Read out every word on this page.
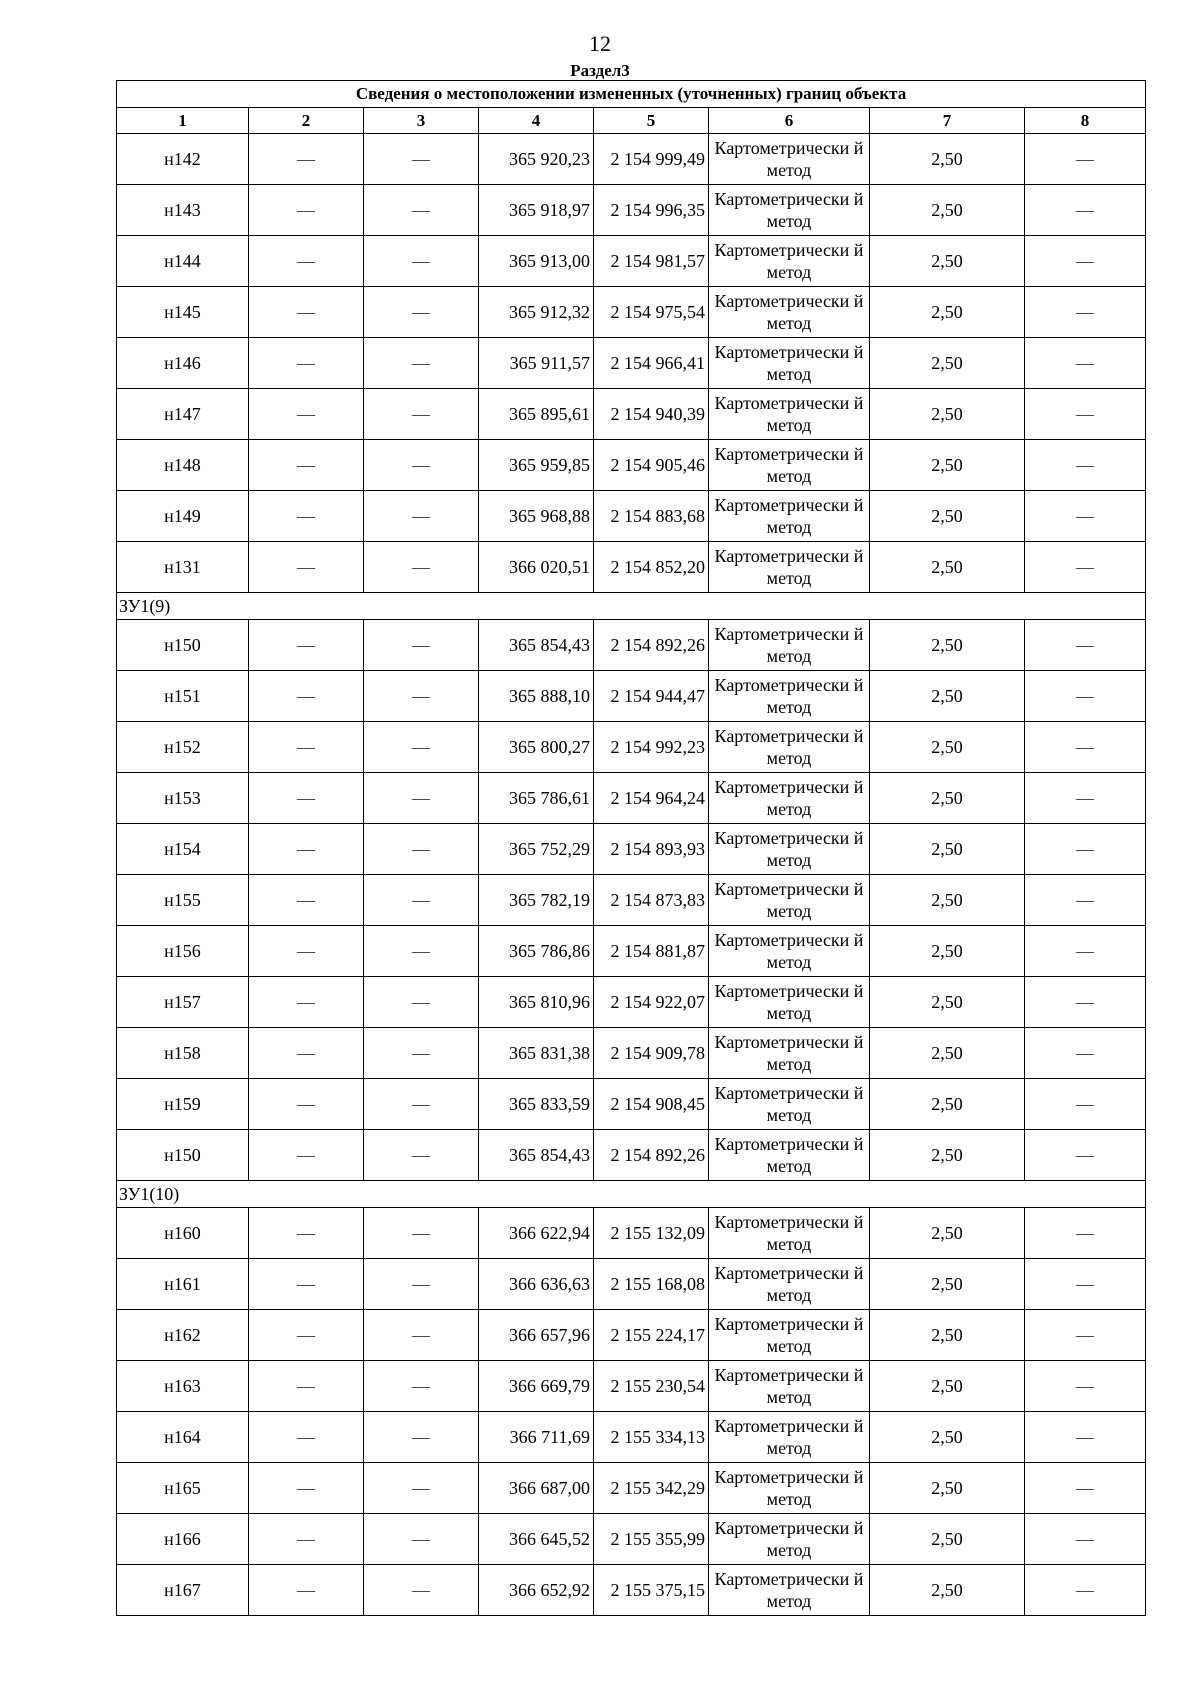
12
Раздел3
Сведения о местоположении измененных (уточненных) границ объекта							
1	2	3	4	5	6	7	8
н142	—	—	365 920,23	2 154 999,49	Картометрически й метод	2,50	—
н143	—	—	365 918,97	2 154 996,35	Картометрически й метод	2,50	—
н144	—	—	365 913,00	2 154 981,57	Картометрически й метод	2,50	—
н145	—	—	365 912,32	2 154 975,54	Картометрически й метод	2,50	—
н146	—	—	365 911,57	2 154 966,41	Картометрически й метод	2,50	—
н147	—	—	365 895,61	2 154 940,39	Картометрически й метод	2,50	—
н148	—	—	365 959,85	2 154 905,46	Картометрически й метод	2,50	—
н149	—	—	365 968,88	2 154 883,68	Картометрически й метод	2,50	—
н131	—	—	366 020,51	2 154 852,20	Картометрически й метод	2,50	—
ЗУ1(9)							
н150	—	—	365 854,43	2 154 892,26	Картометрически й метод	2,50	—
н151	—	—	365 888,10	2 154 944,47	Картометрически й метод	2,50	—
н152	—	—	365 800,27	2 154 992,23	Картометрически й метод	2,50	—
н153	—	—	365 786,61	2 154 964,24	Картометрически й метод	2,50	—
н154	—	—	365 752,29	2 154 893,93	Картометрически й метод	2,50	—
н155	—	—	365 782,19	2 154 873,83	Картометрически й метод	2,50	—
н156	—	—	365 786,86	2 154 881,87	Картометрически й метод	2,50	—
н157	—	—	365 810,96	2 154 922,07	Картометрически й метод	2,50	—
н158	—	—	365 831,38	2 154 909,78	Картометрически й метод	2,50	—
н159	—	—	365 833,59	2 154 908,45	Картометрически й метод	2,50	—
н150	—	—	365 854,43	2 154 892,26	Картометрически й метод	2,50	—
ЗУ1(10)							
н160	—	—	366 622,94	2 155 132,09	Картометрически й метод	2,50	—
н161	—	—	366 636,63	2 155 168,08	Картометрически й метод	2,50	—
н162	—	—	366 657,96	2 155 224,17	Картометрически й метод	2,50	—
н163	—	—	366 669,79	2 155 230,54	Картометрически й метод	2,50	—
н164	—	—	366 711,69	2 155 334,13	Картометрически й метод	2,50	—
н165	—	—	366 687,00	2 155 342,29	Картометрически й метод	2,50	—
н166	—	—	366 645,52	2 155 355,99	Картометрически й метод	2,50	—
н167	—	—	366 652,92	2 155 375,15	Картометрически й метод	2,50	—
